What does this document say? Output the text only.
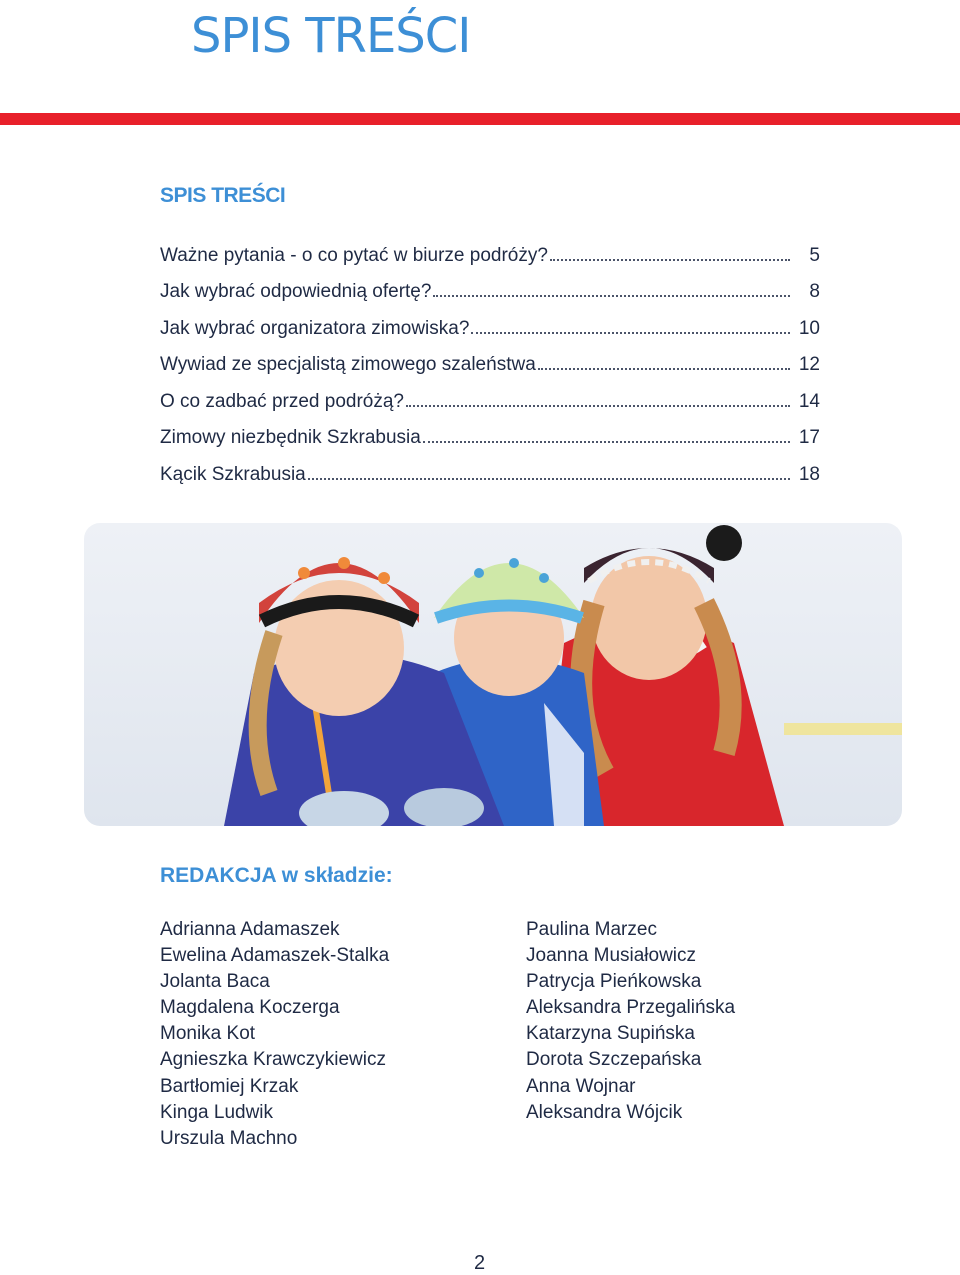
SPIS TREŚCI
SPIS TREŚCI
Ważne pytania - o co pytać w biurze podróży?	5
Jak wybrać odpowiednią ofertę?	8
Jak wybrać organizatora zimowiska?	10
Wywiad ze specjalistą zimowego szaleństwa	12
O co zadbać przed podróżą?	14
Zimowy niezbędnik Szkrabusia	17
Kącik Szkrabusia	18
REDAKCJA w składzie:
Adrianna Adamaszek
Ewelina Adamaszek-Stalka
Jolanta Baca
Magdalena Koczerga
Monika Kot
Agnieszka Krawczykiewicz
Bartłomiej Krzak
Kinga Ludwik
Urszula Machno
Paulina Marzec
Joanna Musiałowicz
Patrycja Pieńkowska
Aleksandra Przegalińska
Katarzyna Supińska
Dorota Szczepańska
Anna Wojnar
Aleksandra Wójcik
2
